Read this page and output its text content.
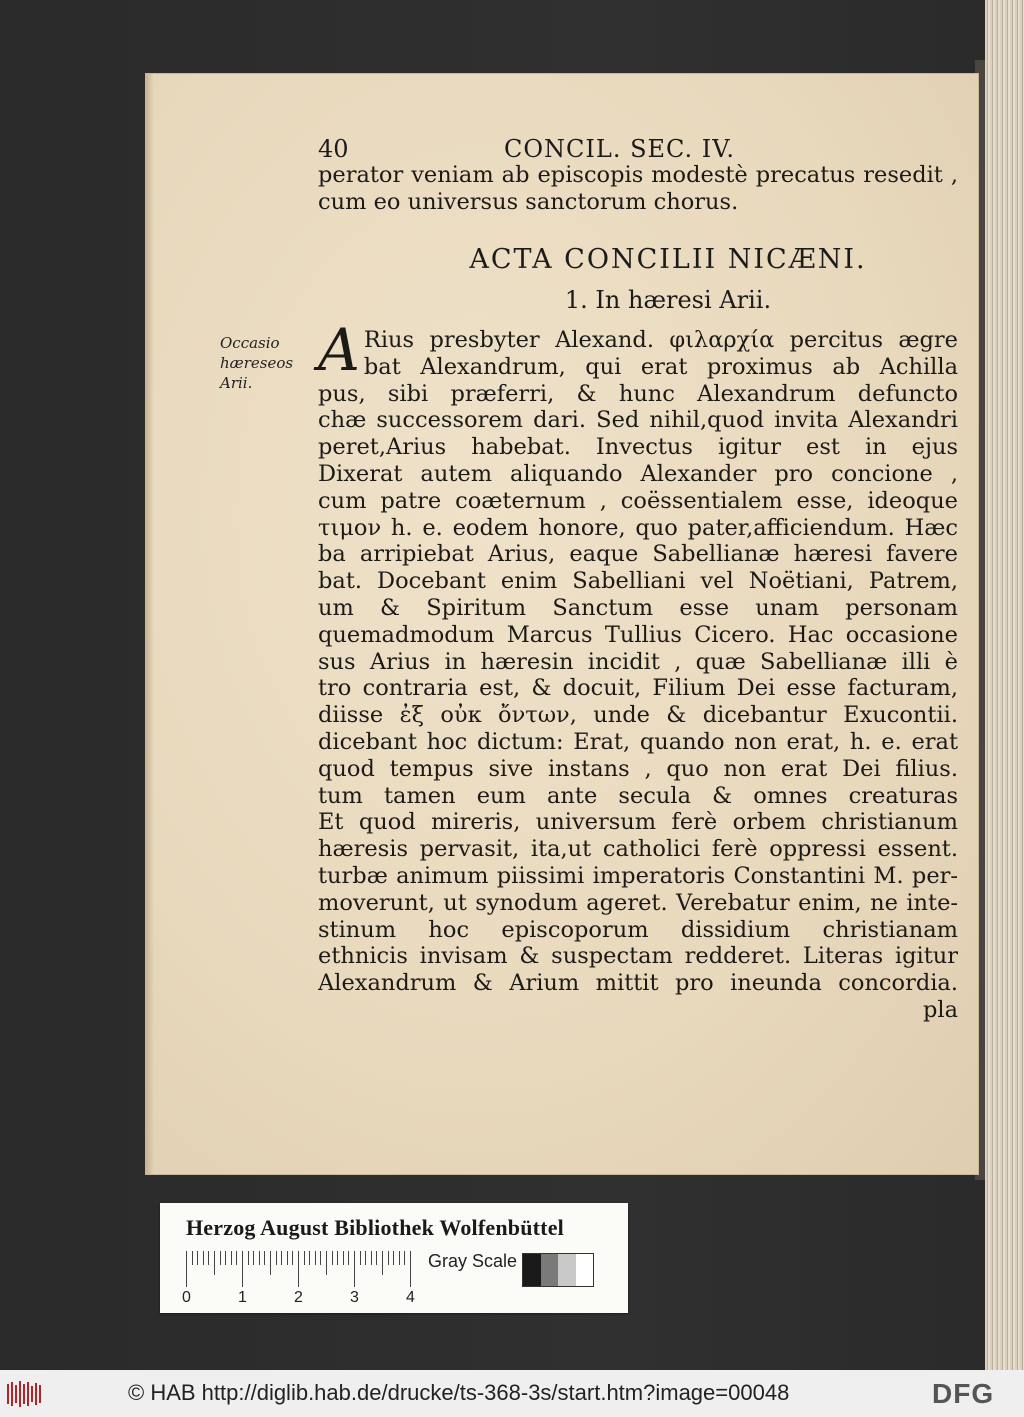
40	CONCIL. SEC. IV.
perator veniam ab episcopis modestè precatus resedit ,
cum eo universus sanctorum chorus.
ACTA CONCILII NICÆNI.
1. In hæresi Arii.
Occasio
hæreseos
Arii.	A Rius presbyter Alexand. φιλαρχία percitus ægre
bat Alexandrum, qui erat proximus ab Achilla
pus, sibi præferri, & hunc Alexandrum defuncto
chæ successorem dari. Sed nihil,quod invita Alexandri
peret,Arius habebat. Invectus igitur est in ejus
Dixerat autem aliquando Alexander pro concione ,
cum patre coæternum , coëssentialem esse, ideoque
τιμον h. e. eodem honore, quo pater,afficiendum. Hæc
ba arripiebat Arius, eaque Sabellianæ hæresi favere
bat. Docebant enim Sabelliani vel Noëtiani, Patrem,
um & Spiritum Sanctum esse unam personam
quemadmodum Marcus Tullius Cicero. Hac occasione
sus Arius in hæresin incidit , quæ Sabellianæ illi è
tro contraria est, & docuit, Filium Dei esse facturam,
diisse ἐξ οὐκ ὄντων, unde & dicebantur Exucontii.
dicebant hoc dictum: Erat, quando non erat, h. e. erat
quod tempus sive instans , quo non erat Dei filius.
tum tamen eum ante secula & omnes creaturas
Et quod mireris, universum ferè orbem christianum
hæresis pervasit, ita,ut catholici ferè oppressi essent.
turbæ animum piissimi imperatoris Constantini M. per-
moverunt, ut synodum ageret. Verebatur enim, ne inte-
stinum hoc episcoporum dissidium christianam
ethnicis invisam & suspectam redderet. Literas igitur
Alexandrum & Arium mittit pro ineunda concordia.
pla
Herzog August Bibliothek Wolfenbüttel
0	1	2	3	4
Gray Scale
© HAB http://diglib.hab.de/drucke/ts-368-3s/start.htm?image=00048	DFG
